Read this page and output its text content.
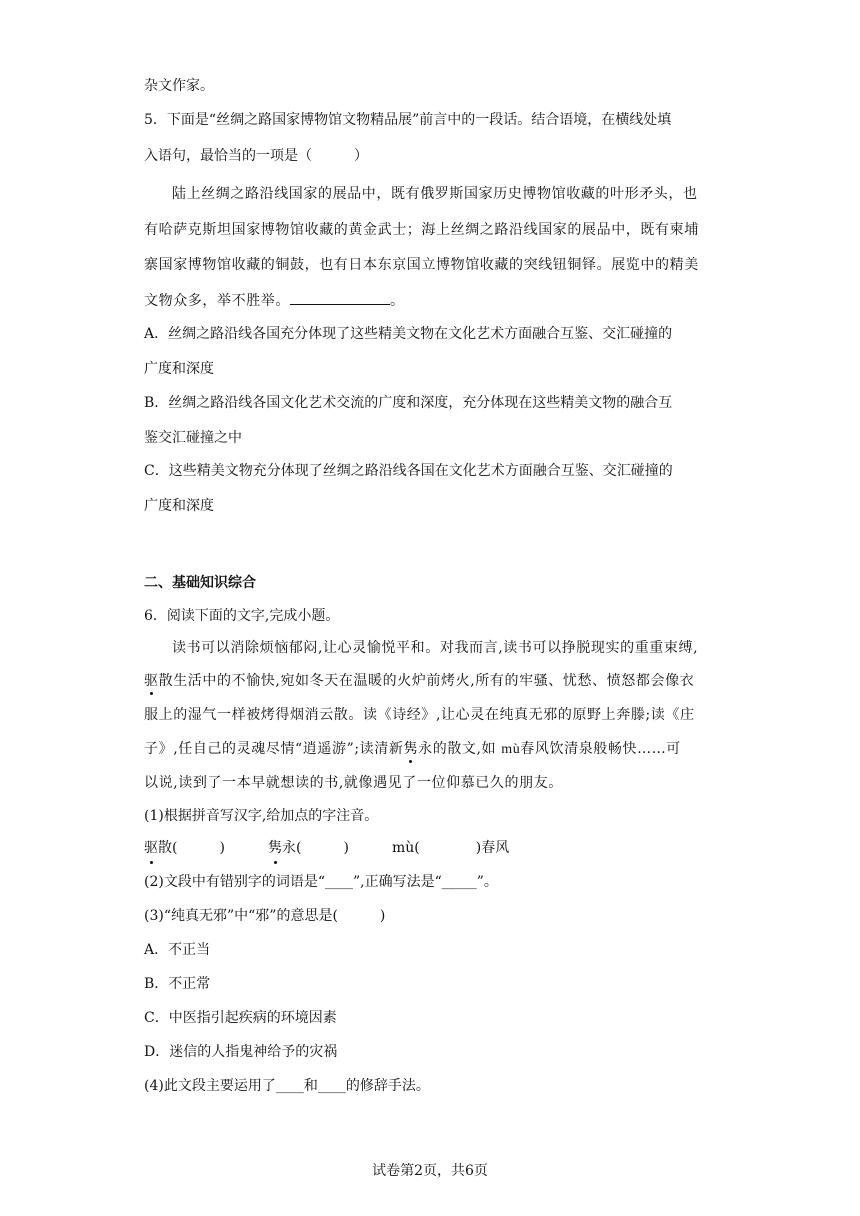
杂文作家。
5．下面是“丝绸之路国家博物馆文物精品展”前言中的一段话。结合语境，在横线处填
入语句，最恰当的一项是（　　　）
陆上丝绸之路沿线国家的展品中，既有俄罗斯国家历史博物馆收藏的叶形矛头，也
有哈萨克斯坦国家博物馆收藏的黄金武士；海上丝绸之路沿线国家的展品中，既有柬埔
寨国家博物馆收藏的铜鼓，也有日本东京国立博物馆收藏的突线钮铜铎。展览中的精美
文物众多，举不胜举。	。
A．丝绸之路沿线各国充分体现了这些精美文物在文化艺术方面融合互鉴、交汇碰撞的
广度和深度
B．丝绸之路沿线各国文化艺术交流的广度和深度，充分体现在这些精美文物的融合互
鉴交汇碰撞之中
C．这些精美文物充分体现了丝绸之路沿线各国在文化艺术方面融合互鉴、交汇碰撞的
广度和深度
二、基础知识综合
6．阅读下面的文字,完成小题。
读书可以消除烦恼郁闷,让心灵愉悦平和。对我而言,读书可以挣脱现实的重重束缚,
驱散生活中的不愉快,宛如冬天在温暖的火炉前烤火,所有的牢骚、忧愁、愤怒都会像衣
服上的湿气一样被烤得烟消云散。读《诗经》,让心灵在纯真无邪的原野上奔滕;读《庄
子》,任自己的灵魂尽情“逍遥游”;读清新隽永的散文,如 mù春风饮清泉般畅快……可
以说,读到了一本早就想读的书,就像遇见了一位仰慕已久的朋友。
(1)根据拼音写汉字,给加点的字注音。
驱散(　　　)	隽永(　　　)	mù(　　　　)春风
(2)文段中有错别字的词语是“____”,正确写法是“_____”。
(3)“纯真无邪”中“邪”的意思是(　　　)
A．不正当
B．不正常
C．中医指引起疾病的环境因素
D．迷信的人指鬼神给予的灾祸
(4)此文段主要运用了____和____的修辞手法。
试卷第2页，共6页
